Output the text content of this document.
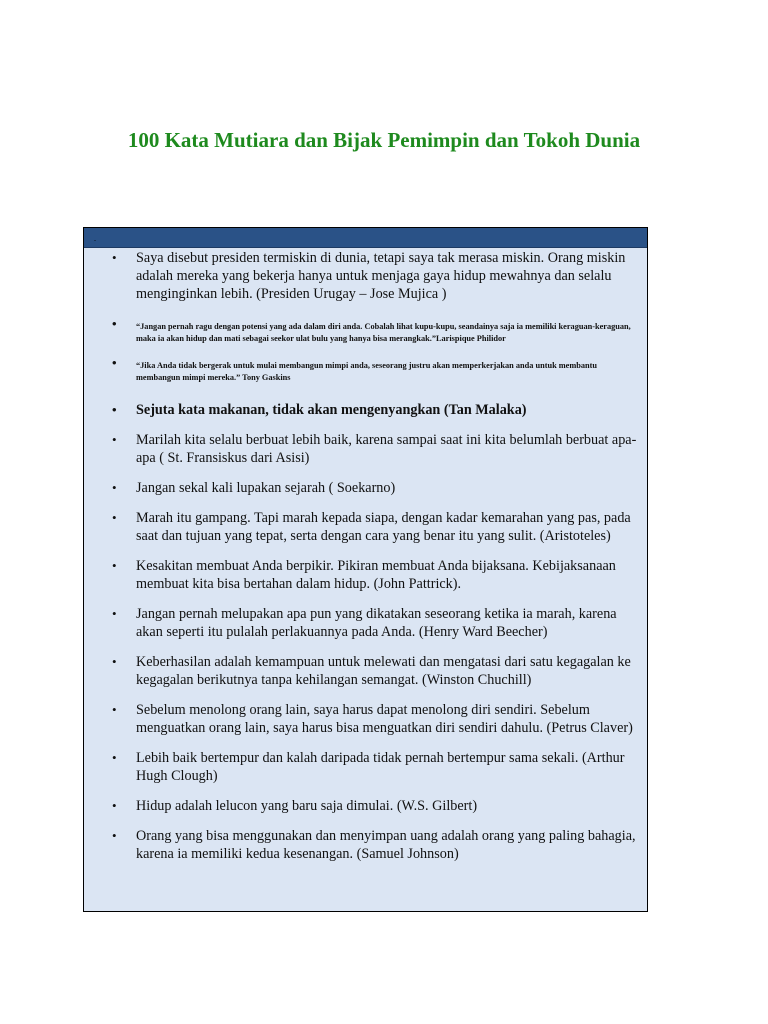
100 Kata Mutiara dan Bijak Pemimpin dan Tokoh Dunia
.
• Saya disebut presiden termiskin di dunia, tetapi saya tak merasa miskin. Orang miskin adalah mereka yang bekerja hanya untuk menjaga gaya hidup mewahnya dan selalu menginginkan lebih. (Presiden Urugay – Jose Mujica )
• “Jangan pernah ragu dengan potensi yang ada dalam diri anda. Cobalah lihat kupu-kupu, seandainya saja ia memiliki keraguan-keraguan, maka ia akan hidup dan mati sebagai seekor ulat bulu yang hanya bisa merangkak.”Larispique Philidor
• “Jika Anda tidak bergerak untuk mulai membangun mimpi anda, seseorang justru akan memperkerjakan anda untuk membantu membangun mimpi mereka.” Tony Gaskins
• Sejuta kata makanan, tidak akan mengenyangkan (Tan Malaka)
• Marilah kita selalu berbuat lebih baik, karena sampai saat ini kita belumlah berbuat apa-apa ( St. Fransiskus dari Asisi)
• Jangan sekal kali lupakan sejarah ( Soekarno)
• Marah itu gampang. Tapi marah kepada siapa, dengan kadar kemarahan yang pas, pada saat dan tujuan yang tepat, serta dengan cara yang benar itu yang sulit. (Aristoteles)
• Kesakitan membuat Anda berpikir. Pikiran membuat Anda bijaksana. Kebijaksanaan membuat kita bisa bertahan dalam hidup. (John Pattrick).
• Jangan pernah melupakan apa pun yang dikatakan seseorang ketika ia marah, karena akan seperti itu pulalah perlakuannya pada Anda. (Henry Ward Beecher)
• Keberhasilan adalah kemampuan untuk melewati dan mengatasi dari satu kegagalan ke kegagalan berikutnya tanpa kehilangan semangat. (Winston Chuchill)
• Sebelum menolong orang lain, saya harus dapat menolong diri sendiri. Sebelum menguatkan orang lain, saya harus bisa menguatkan diri sendiri dahulu. (Petrus Claver)
• Lebih baik bertempur dan kalah daripada tidak pernah bertempur sama sekali. (Arthur Hugh Clough)
• Hidup adalah lelucon yang baru saja dimulai. (W.S. Gilbert)
• Orang yang bisa menggunakan dan menyimpan uang adalah orang yang paling bahagia, karena ia memiliki kedua kesenangan. (Samuel Johnson)
